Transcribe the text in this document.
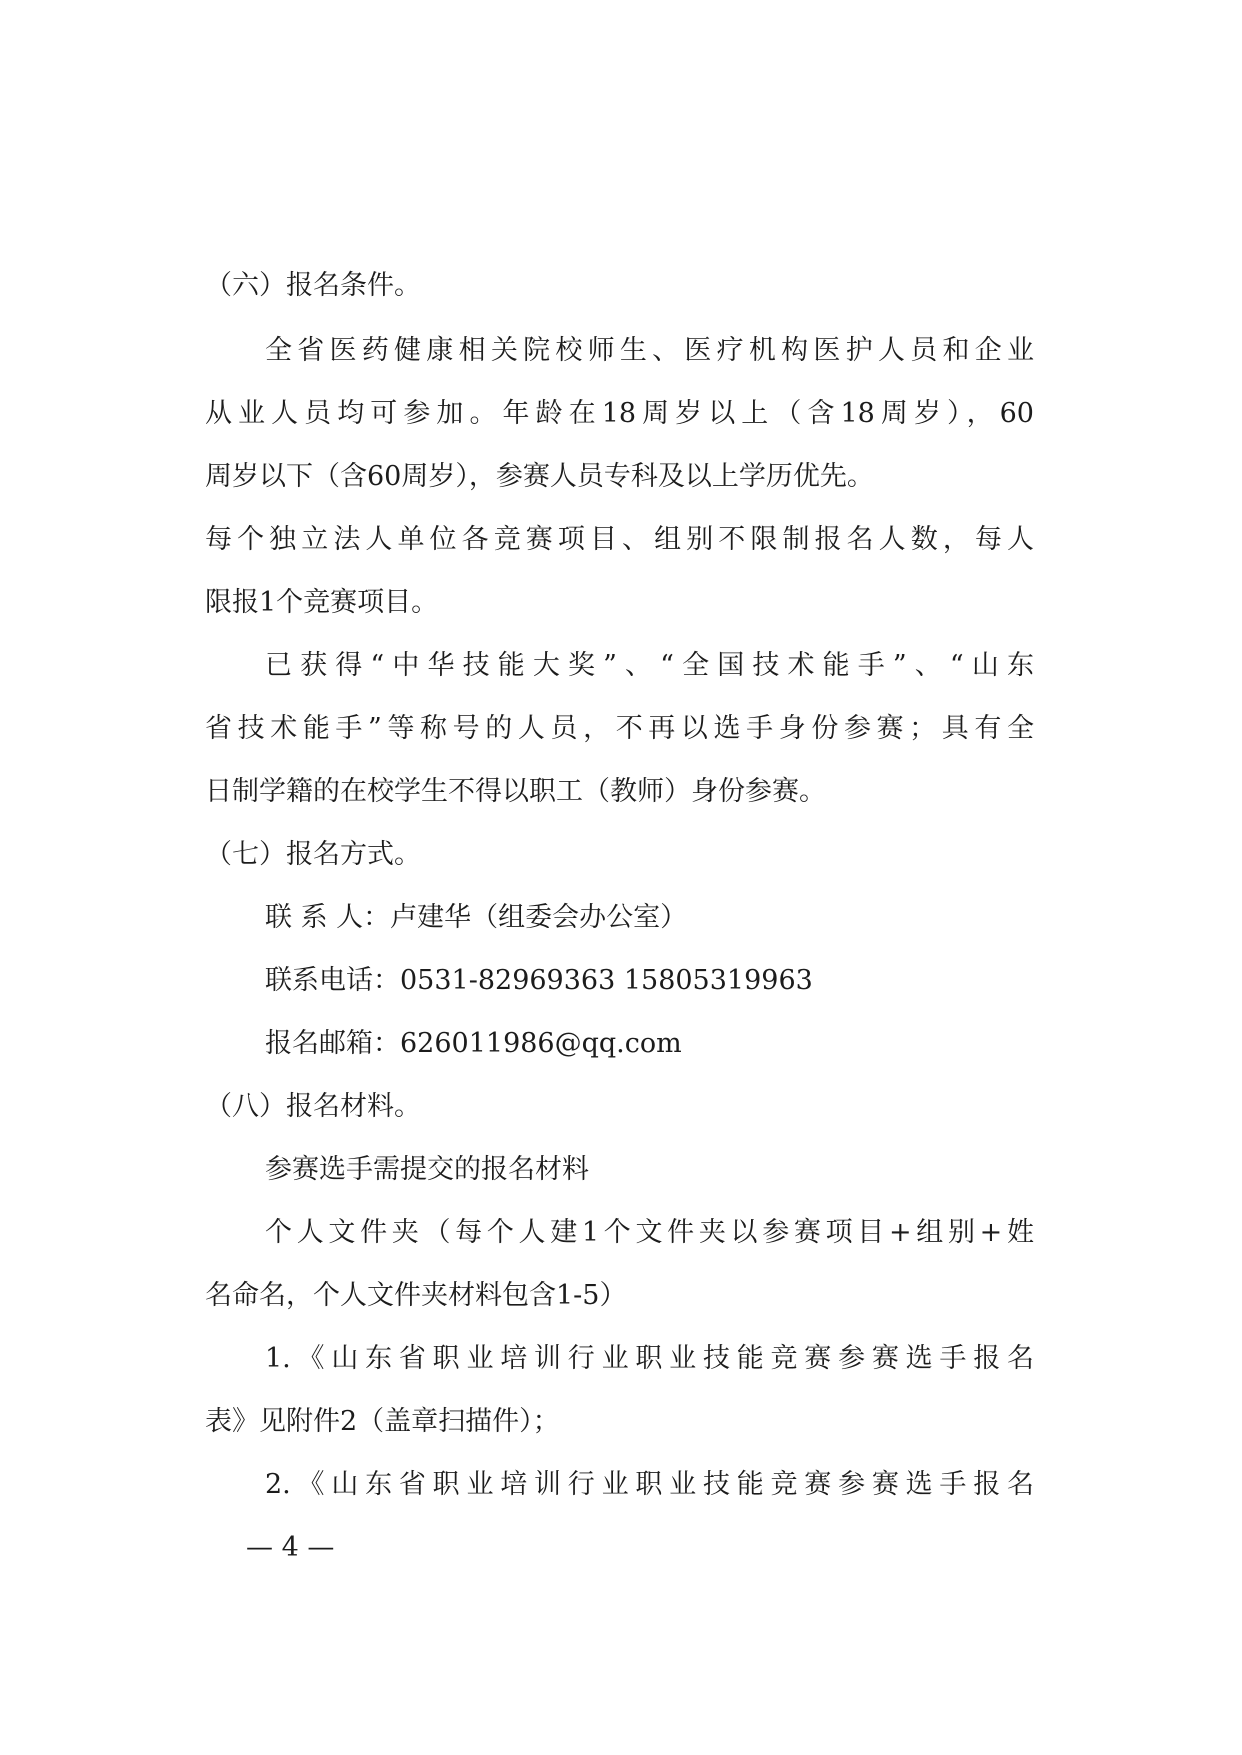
（六）报名条件。
全省医药健康相关院校师生、医疗机构医护人员和企业
从业人员均可参加。年龄在18周岁以上（含18周岁），60
周岁以下（含60周岁），参赛人员专科及以上学历优先。
每个独立法人单位各竞赛项目、组别不限制报名人数，每人
限报1个竞赛项目。
已获得“中华技能大奖”、“全国技术能手”、“山东
省技术能手”等称号的人员，不再以选手身份参赛；具有全
日制学籍的在校学生不得以职工（教师）身份参赛。
（七）报名方式。
联 系 人：卢建华（组委会办公室）
联系电话：0531-82969363 15805319963
报名邮箱：626011986@qq.com
（八）报名材料。
参赛选手需提交的报名材料
个人文件夹（每个人建1个文件夹以参赛项目+组别+姓
名命名，个人文件夹材料包含1-5）
1.《山东省职业培训行业职业技能竞赛参赛选手报名
表》见附件2（盖章扫描件）；
2.《山东省职业培训行业职业技能竞赛参赛选手报名
— 4 —
